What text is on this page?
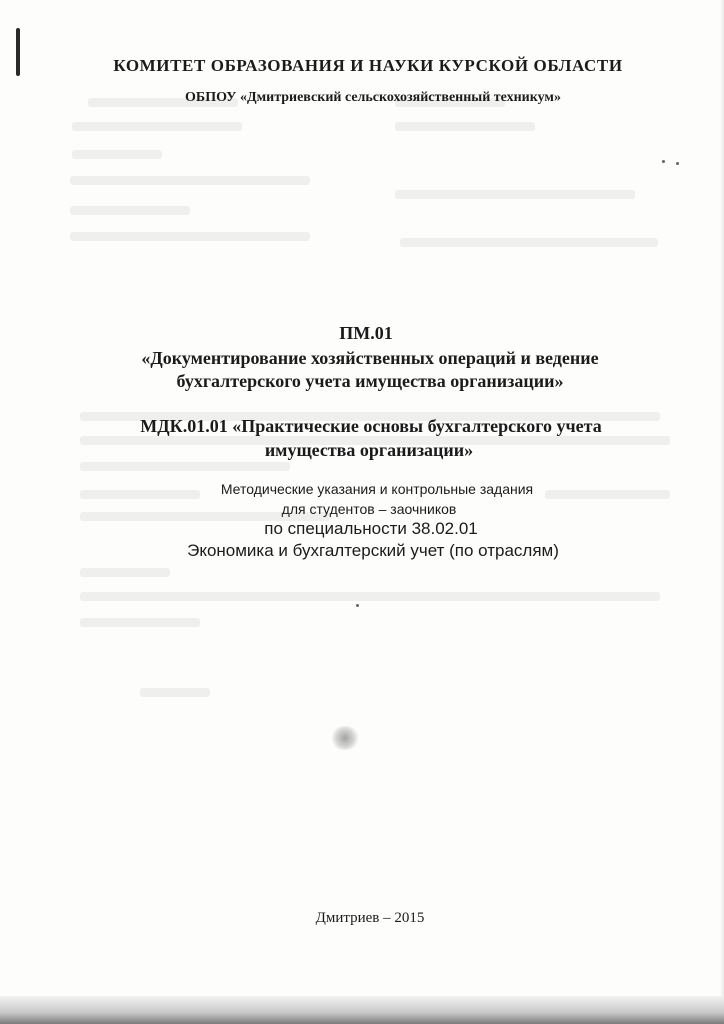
КОМИТЕТ ОБРАЗОВАНИЯ И НАУКИ КУРСКОЙ ОБЛАСТИ
ОБПОУ «Дмитриевский сельскохозяйственный техникум»
ПМ.01
«Документирование хозяйственных операций и ведение
бухгалтерского учета имущества организации»
МДК.01.01 «Практические основы бухгалтерского учета
имущества организации»
Методические указания и контрольные задания
для студентов – заочников
по специальности 38.02.01
Экономика и бухгалтерский учет (по отраслям)
Дмитриев – 2015
